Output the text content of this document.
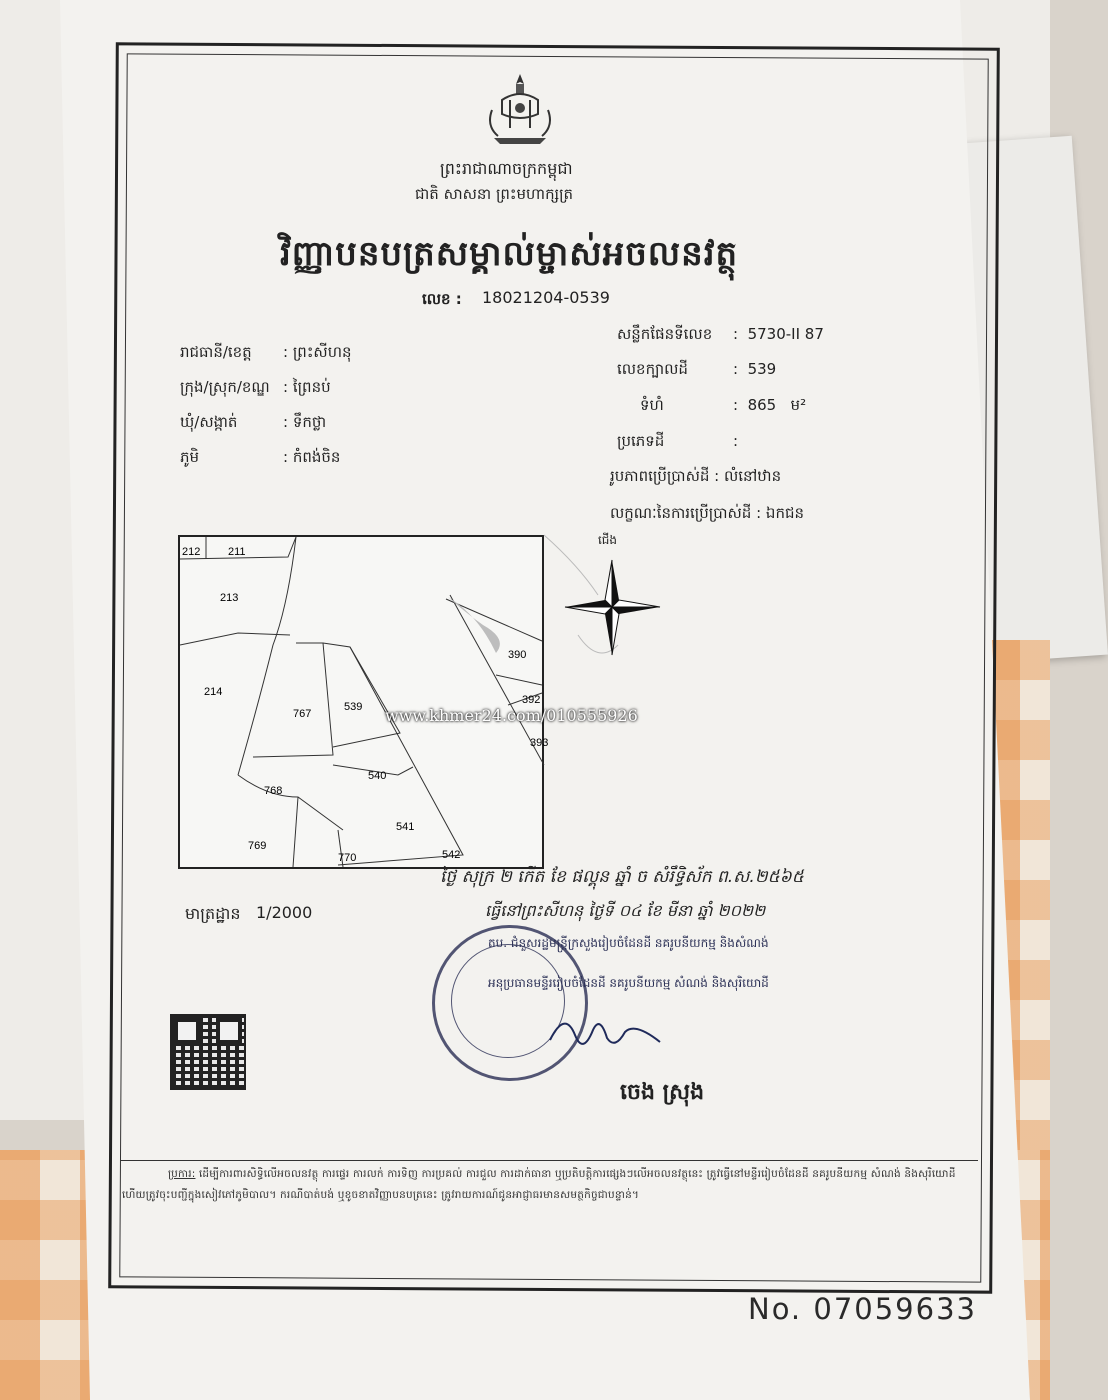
ព្រះរាជាណាចក្រកម្ពុជា
ជាតិ សាសនា ព្រះមហាក្សត្រ
វិញ្ញាបនបត្រសម្គាល់ម្ចាស់អចលនវត្ថុ
លេខ : 18021204-0539
រាជធានី/ខេត្ត : ព្រះសីហនុ
ក្រុង/ស្រុក/ខណ្ឌ : ព្រៃនប់
ឃុំ/សង្កាត់	: ទឹកថ្លា
ភូមិ	: កំពង់ចិន
សន្លឹកផែនទីលេខ :  5730-II 87
លេខក្បាលដី	:  539
ទំហំ	:  865 ម²
ប្រភេទដី	:
រូបភាពប្រើប្រាស់ដី : លំនៅឋាន
លក្ខណៈនៃការប្រើប្រាស់ដី : ឯកជន
212	211
213
214
767
539
390
392
393
768
540
541
769
770	542
ជើង
www.khmer24.com/010555926
មាត្រដ្ឋាន 1/2000
ថ្ងៃ សុក្រ ២ កើត ខែ ផល្គុន ឆ្នាំ ច សំរឹទ្ធិស័ក ព.ស.២៥៦៥
ធ្វើនៅព្រះសីហនុ ថ្ងៃទី ០៤ ខែ មីនា ឆ្នាំ ២០២២
តប. ជំនួសរដ្ឋមន្ត្រីក្រសួងរៀបចំដែនដី នគរូបនីយកម្ម និងសំណង់
អនុប្រធានមន្ទីររៀបចំដែនដី នគរូបនីយកម្ម សំណង់ និងសុរិយោដី
ចេង ស្រុង
ប្រការ: ដើម្បីការពារសិទ្ធិលើអចលនវត្ថុ ការផ្ទេរ ការលក់ ការទិញ ការប្រគល់ ការជួល ការដាក់ធានា ឬប្រតិបត្តិការផ្សេងៗលើអចលនវត្ថុនេះ ត្រូវធ្វើនៅមន្ទីររៀបចំដែនដី នគរូបនីយកម្ម សំណង់ និងសុរិយោដី ហើយត្រូវចុះបញ្ជីក្នុងសៀវភៅភូមិបាល។ ករណីបាត់បង់ ឬខូចខាតវិញ្ញាបនបត្រនេះ ត្រូវរាយការណ៍ជូនអាជ្ញាធរមានសមត្ថកិច្ចជាបន្ទាន់។
No. 07059633
